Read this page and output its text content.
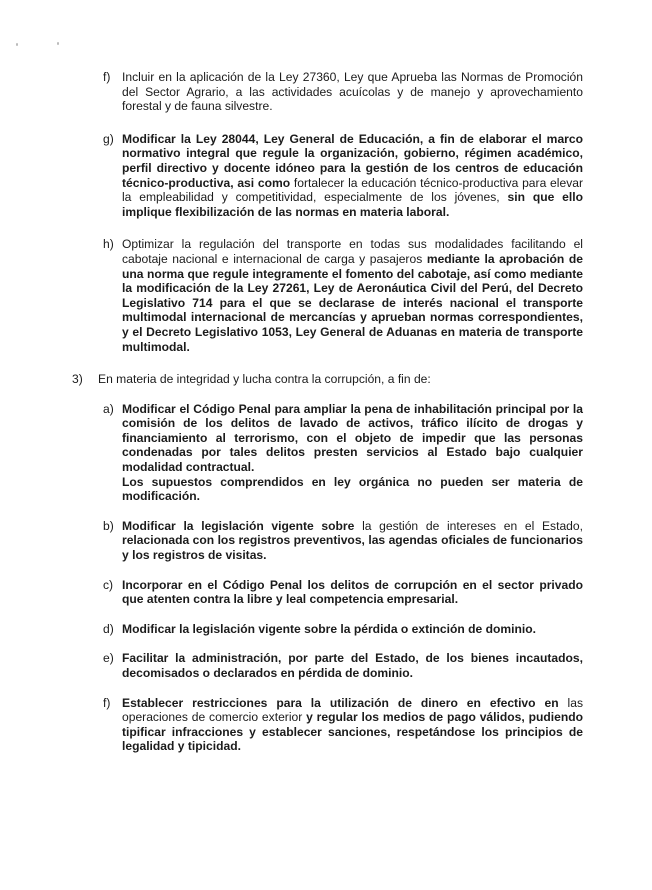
f) Incluir en la aplicación de la Ley 27360, Ley que Aprueba las Normas de Promoción del Sector Agrario, a las actividades acuícolas y de manejo y aprovechamiento forestal y de fauna silvestre.

g) Modificar la Ley 28044, Ley General de Educación, a fin de elaborar el marco normativo integral que regule la organización, gobierno, régimen académico, perfil directivo y docente idóneo para la gestión de los centros de educación técnico-productiva, asi como fortalecer la educación técnico-productiva para elevar la empleabilidad y competitividad, especialmente de los jóvenes, sin que ello implique flexibilización de las normas en materia laboral.

h) Optimizar la regulación del transporte en todas sus modalidades facilitando el cabotaje nacional e internacional de carga y pasajeros mediante la aprobación de una norma que regule integramente el fomento del cabotaje, así como mediante la modificación de la Ley 27261, Ley de Aeronáutica Civil del Perú, del Decreto Legislativo 714 para el que se declarase de interés nacional el transporte multimodal internacional de mercancías y aprueban normas correspondientes, y el Decreto Legislativo 1053, Ley General de Aduanas en materia de transporte multimodal.

3)	En materia de integridad y lucha contra la corrupción, a fin de:

a) Modificar el Código Penal para ampliar la pena de inhabilitación principal por la comisión de los delitos de lavado de activos, tráfico ilícito de drogas y financiamiento al terrorismo, con el objeto de impedir que las personas condenadas por tales delitos presten servicios al Estado bajo cualquier modalidad contractual.

Los supuestos comprendidos en ley orgánica no pueden ser materia de modificación.

b) Modificar la legislación vigente sobre la gestión de intereses en el Estado, relacionada con los registros preventivos, las agendas oficiales de funcionarios y los registros de visitas.

c) Incorporar en el Código Penal los delitos de corrupción en el sector privado que atenten contra la libre y leal competencia empresarial.

d) Modificar la legislación vigente sobre la pérdida o extinción de dominio.

e) Facilitar la administración, por parte del Estado, de los bienes incautados, decomisados o declarados en pérdida de dominio.

f) Establecer restricciones para la utilización de dinero en efectivo en las operaciones de comercio exterior y regular los medios de pago válidos, pudiendo tipificar infracciones y establecer sanciones, respetándose los principios de legalidad y tipicidad.
